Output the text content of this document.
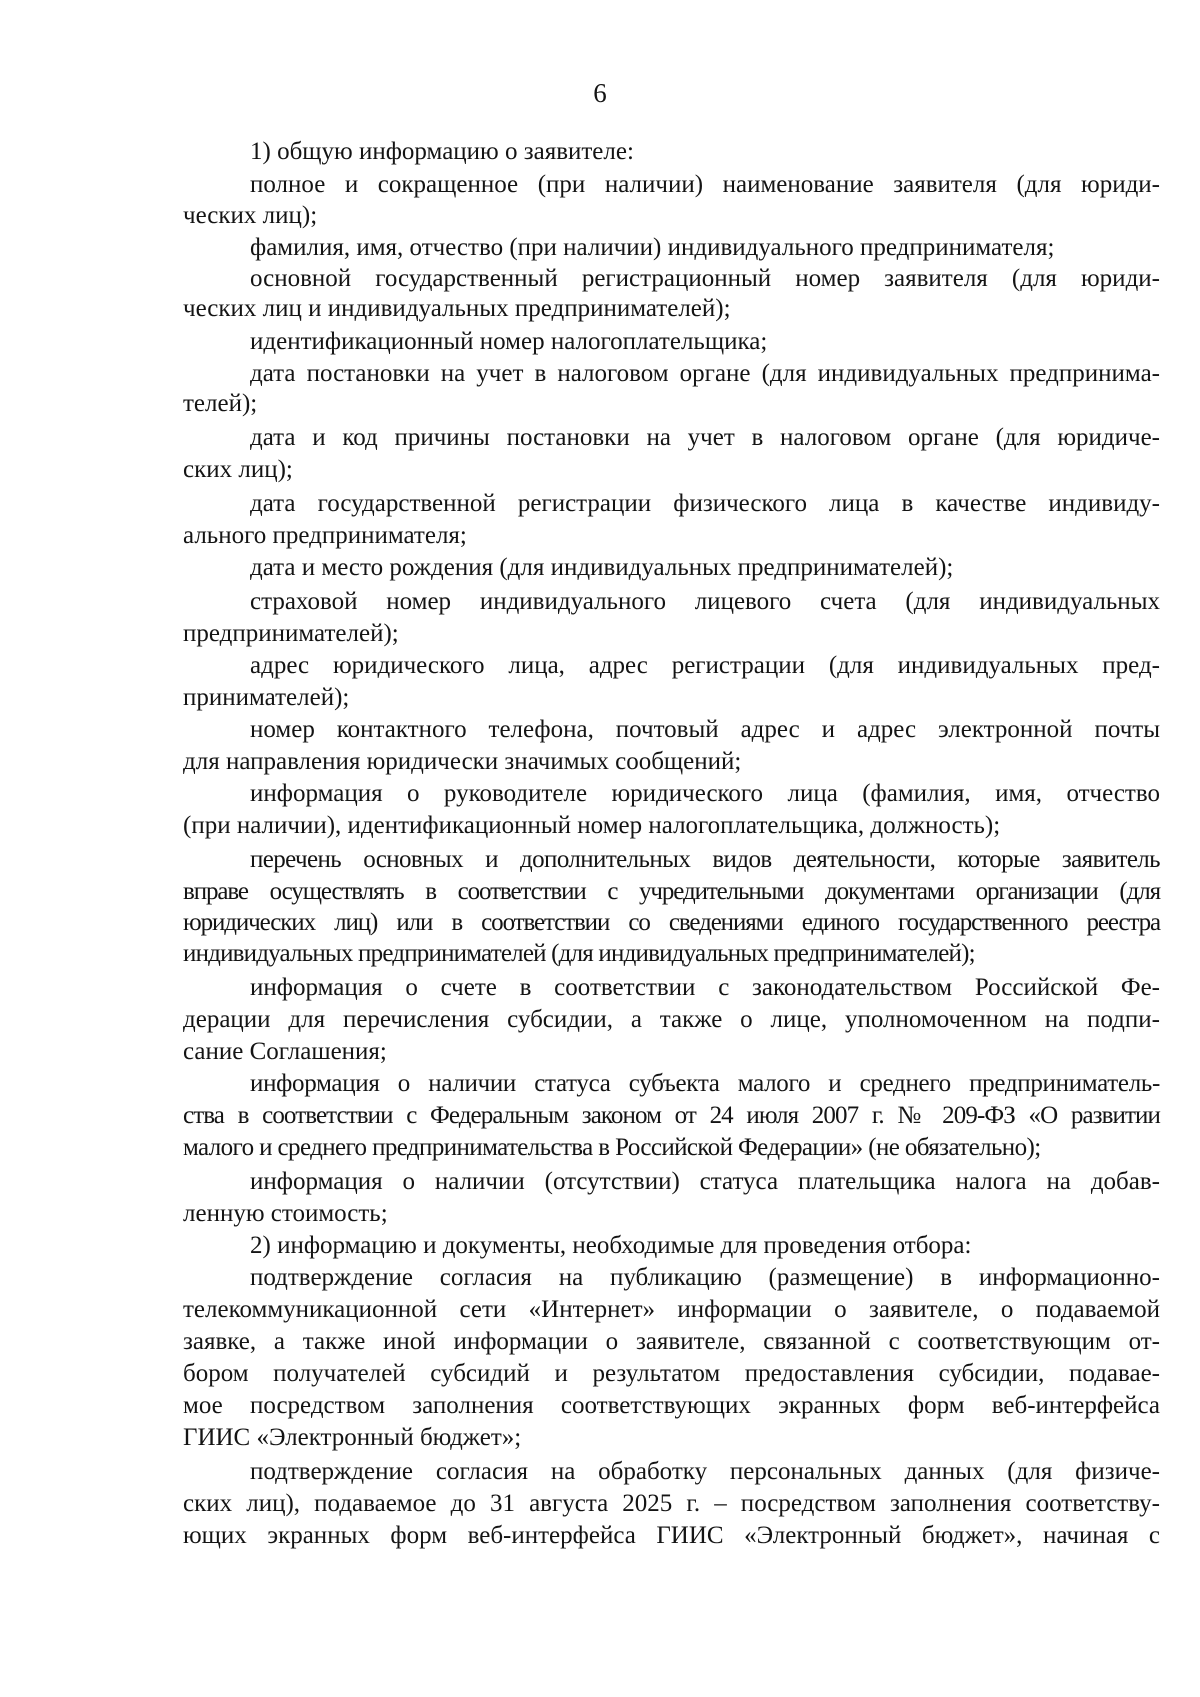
6
1) общую информацию о заявителе:
полное и сокращенное (при наличии) наименование заявителя (для юриди-
ческих лиц);
фамилия, имя, отчество (при наличии) индивидуального предпринимателя;
основной государственный регистрационный номер заявителя (для юриди-
ческих лиц и индивидуальных предпринимателей);
идентификационный номер налогоплательщика;
дата постановки на учет в налоговом органе (для индивидуальных предпринима-
телей);
дата и код причины постановки на учет в налоговом органе (для юридиче-
ских лиц);
дата государственной регистрации физического лица в качестве индивиду-
ального предпринимателя;
дата и место рождения (для индивидуальных предпринимателей);
страховой номер индивидуального лицевого счета (для индивидуальных
предпринимателей);
адрес юридического лица, адрес регистрации (для индивидуальных пред-
принимателей);
номер контактного телефона, почтовый адрес и адрес электронной почты
для направления юридически значимых сообщений;
информация о руководителе юридического лица (фамилия, имя, отчество
(при наличии), идентификационный номер налогоплательщика, должность);
перечень основных и дополнительных видов деятельности, которые заявитель
вправе осуществлять в соответствии с учредительными документами организации (для
юридических лиц) или в соответствии со сведениями единого государственного реестра
индивидуальных предпринимателей (для индивидуальных предпринимателей);
информация о счете в соответствии с законодательством Российской Фе-
дерации для перечисления субсидии, а также о лице, уполномоченном на подпи-
сание Соглашения;
информация о наличии статуса субъекта малого и среднего предприниматель-
ства в соответствии с Федеральным законом от 24 июля 2007 г. № 209-ФЗ «О развитии
малого и среднего предпринимательства в Российской Федерации» (не обязательно);
информация о наличии (отсутствии) статуса плательщика налога на добав-
ленную стоимость;
2) информацию и документы, необходимые для проведения отбора:
подтверждение согласия на публикацию (размещение) в информационно-
телекоммуникационной сети «Интернет» информации о заявителе, о подаваемой
заявке, а также иной информации о заявителе, связанной с соответствующим от-
бором получателей субсидий и результатом предоставления субсидии, подавае-
мое посредством заполнения соответствующих экранных форм веб-интерфейса
ГИИС «Электронный бюджет»;
подтверждение согласия на обработку персональных данных (для физиче-
ских лиц), подаваемое до 31 августа 2025 г. – посредством заполнения соответству-
ющих экранных форм веб-интерфейса ГИИС «Электронный бюджет», начиная с
